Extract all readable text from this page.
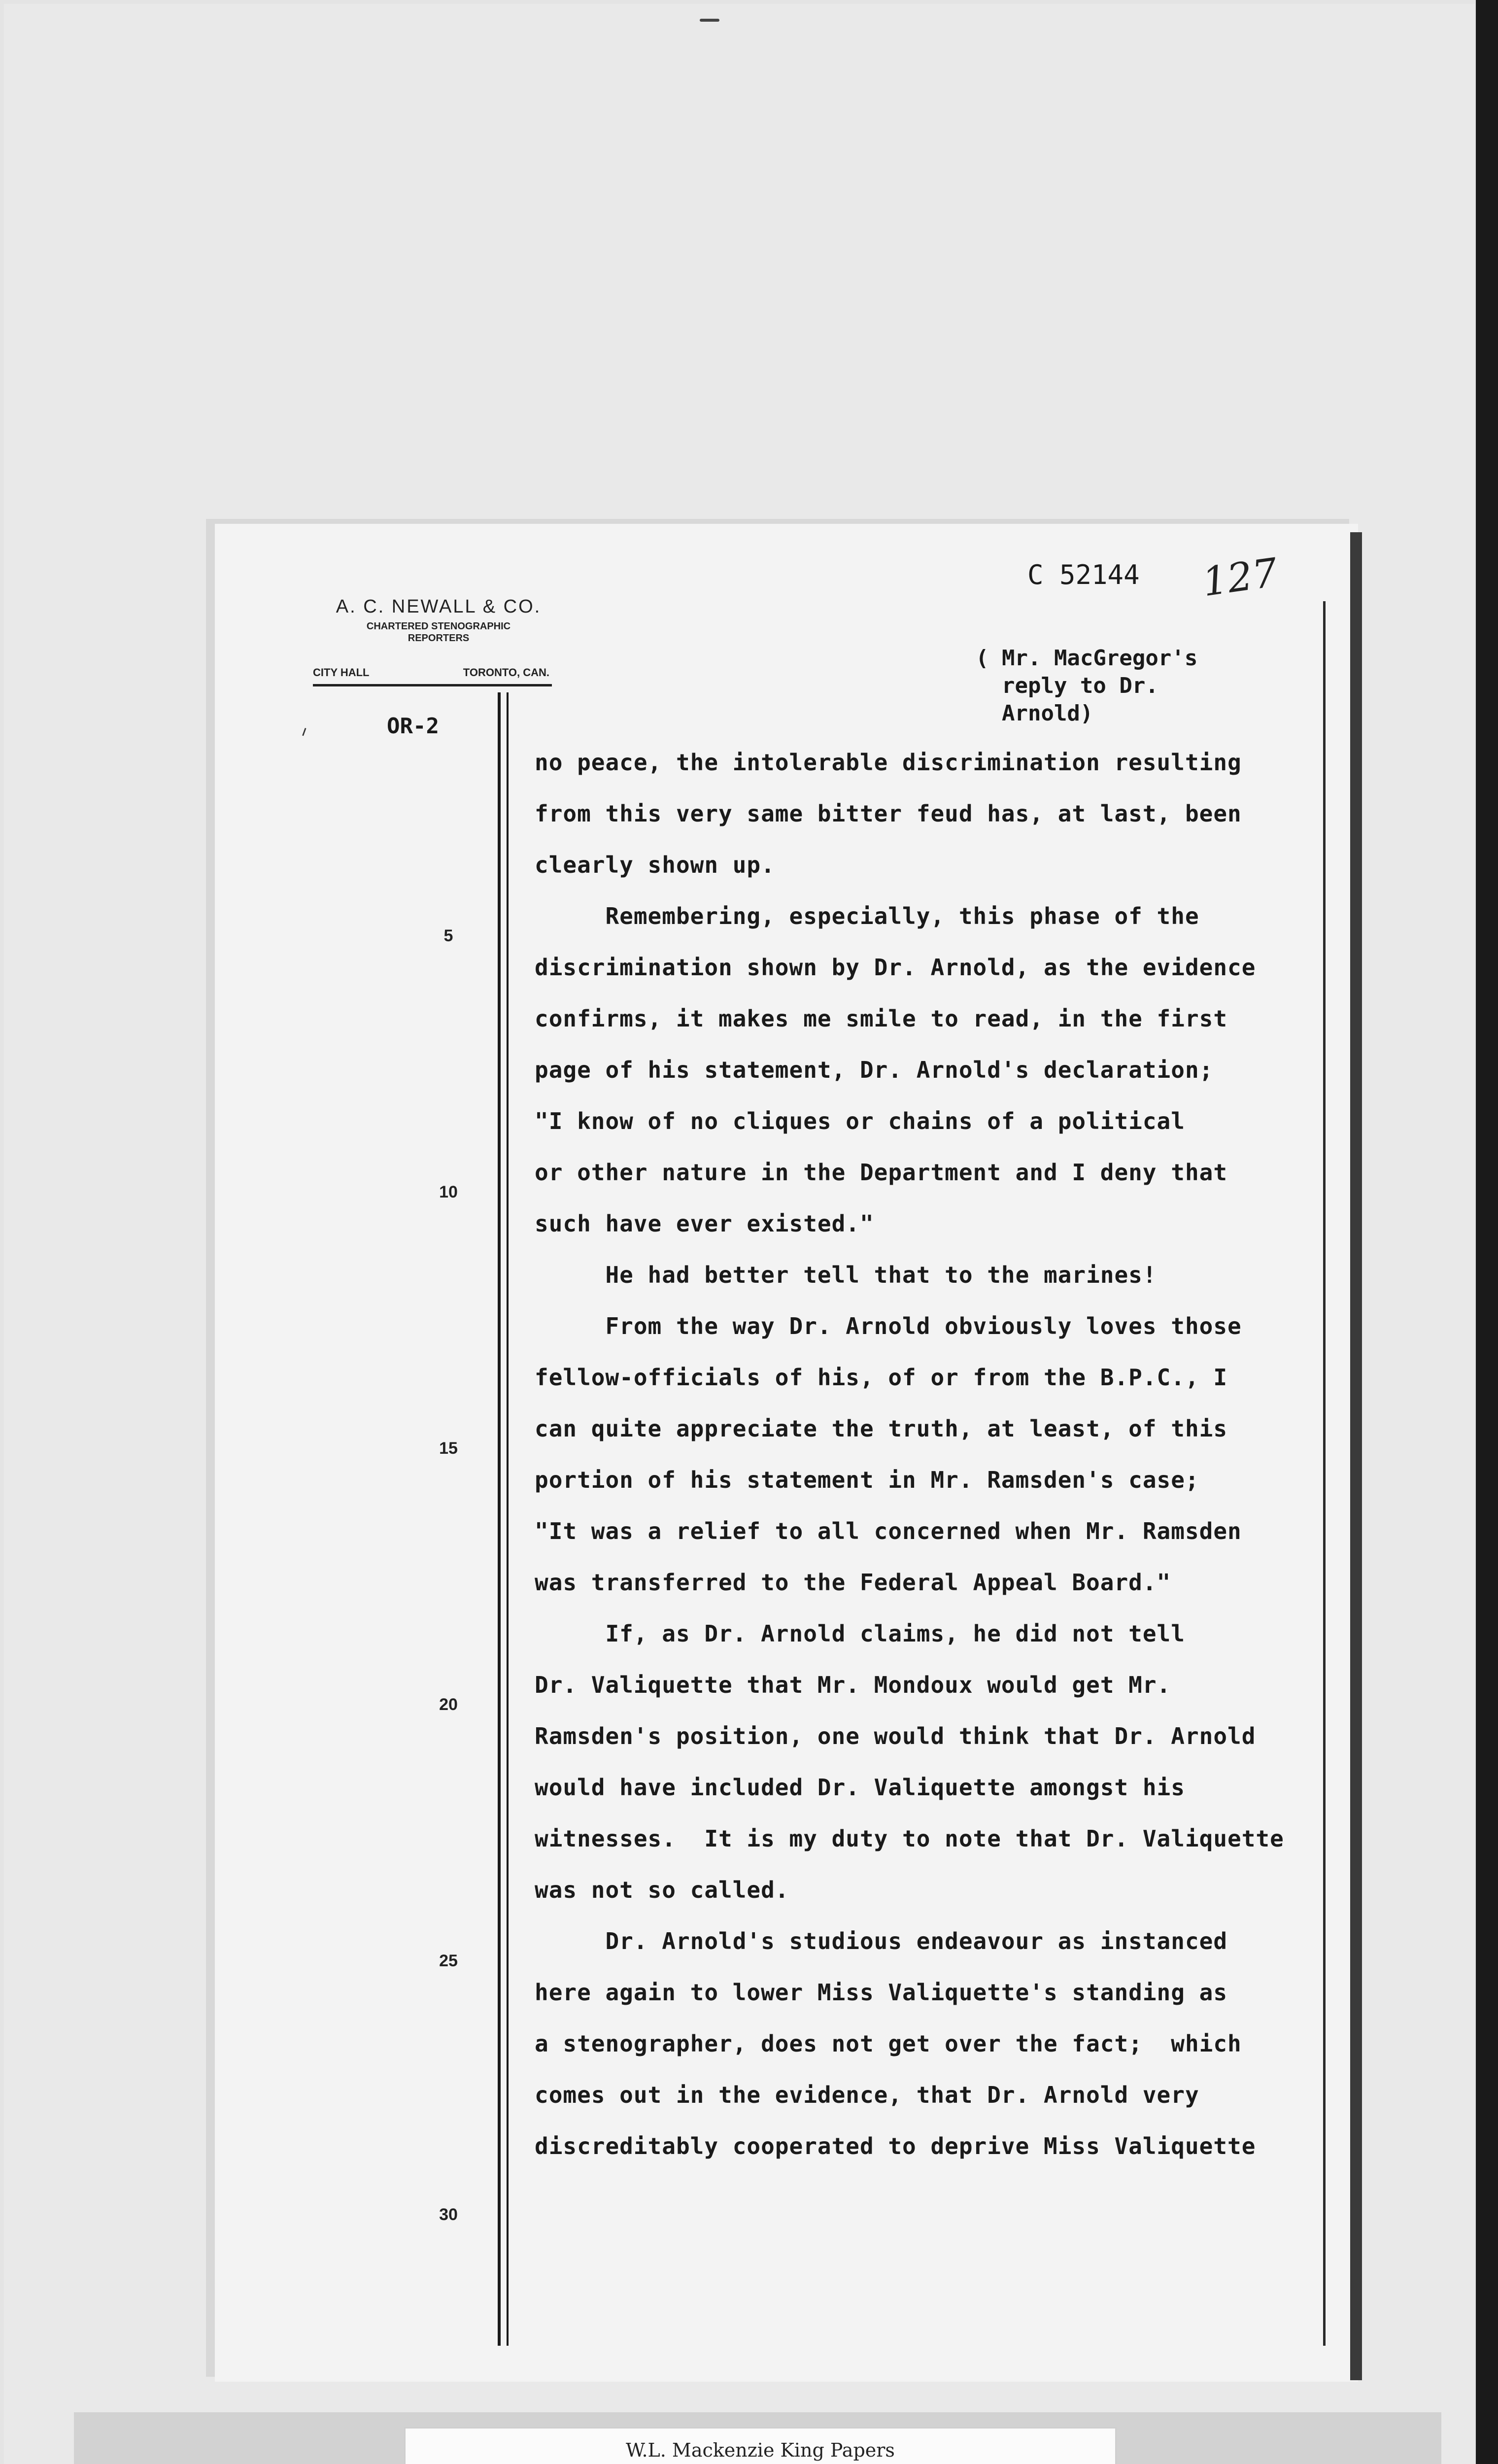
A. C. NEWALL & CO.
CHARTERED STENOGRAPHIC
REPORTERS
CITY HALL	TORONTO, CAN.
C 52144 127
( Mr. MacGregor's
reply to Dr.
Arnold)
ᐟ	OR-2
5
10
15
20
25
30
no peace, the intolerable discrimination resulting
from this very same bitter feud has, at last, been
clearly shown up.
Remembering, especially, this phase of the
discrimination shown by Dr. Arnold, as the evidence
confirms, it makes me smile to read, in the first
page of his statement, Dr. Arnold's declaration;
"I know of no cliques or chains of a political
or other nature in the Department and I deny that
such have ever existed."
He had better tell that to the marines!
From the way Dr. Arnold obviously loves those
fellow-officials of his, of or from the B.P.C., I
can quite appreciate the truth, at least, of this
portion of his statement in Mr. Ramsden's case;
"It was a relief to all concerned when Mr. Ramsden
was transferred to the Federal Appeal Board."
If, as Dr. Arnold claims, he did not tell
Dr. Valiquette that Mr. Mondoux would get Mr.
Ramsden's position, one would think that Dr. Arnold
would have included Dr. Valiquette amongst his
witnesses.  It is my duty to note that Dr. Valiquette
was not so called.
Dr. Arnold's studious endeavour as instanced
here again to lower Miss Valiquette's standing as
a stenographer, does not get over the fact;  which
comes out in the evidence, that Dr. Arnold very
discreditably cooperated to deprive Miss Valiquette
W.L. Mackenzie King Papers
